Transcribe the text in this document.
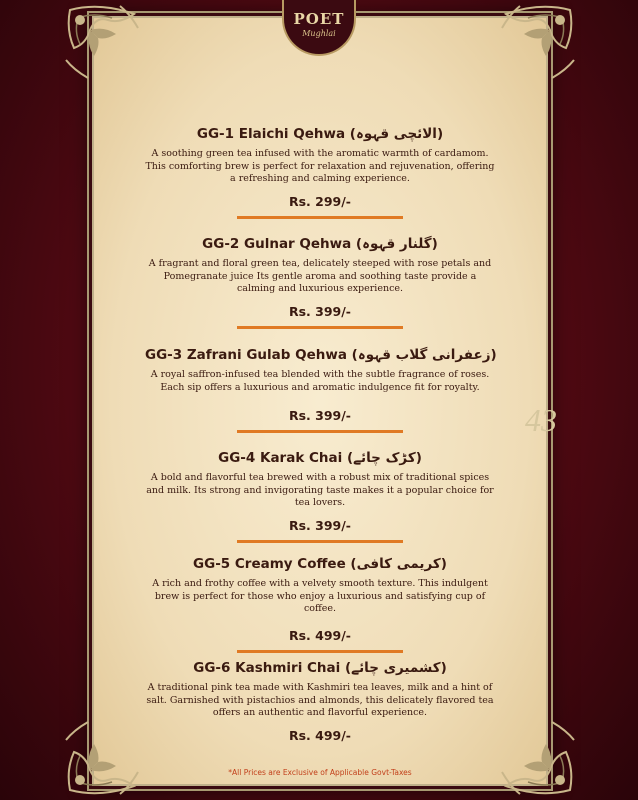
POET
Mughlai
43
GG-1 Elaichi Qehwa (الائچی قہوہ)
A soothing green tea infused with the aromatic warmth of cardamom. This comforting brew is perfect for relaxation and rejuvenation, offering a refreshing and calming experience.
Rs. 299/-
GG-2 Gulnar Qehwa (گلنار قہوہ)
A fragrant and floral green tea, delicately steeped with rose petals and Pomegranate juice Its gentle aroma and soothing taste provide a calming and luxurious experience.
Rs. 399/-
GG-3 Zafrani Gulab Qehwa (زعفرانی گلاب قہوہ)
A royal saffron-infused tea blended with the subtle fragrance of roses. Each sip offers a luxurious and aromatic indulgence fit for royalty.
Rs. 399/-
GG-4 Karak Chai (کڑک چائے)
A bold and flavorful tea brewed with a robust mix of traditional spices and milk. Its strong and invigorating taste makes it a popular choice for tea lovers.
Rs. 399/-
GG-5 Creamy Coffee (کریمی کافی)
A rich and frothy coffee with a velvety smooth texture. This indulgent brew is perfect for those who enjoy a luxurious and satisfying cup of coffee.
Rs. 499/-
GG-6 Kashmiri Chai (کشمیری چائے)
A traditional pink tea made with Kashmiri tea leaves, milk and a hint of salt. Garnished with pistachios and almonds, this delicately flavored tea offers an authentic and flavorful experience.
Rs. 499/-
*All Prices are Exclusive of Applicable Govt-Taxes
